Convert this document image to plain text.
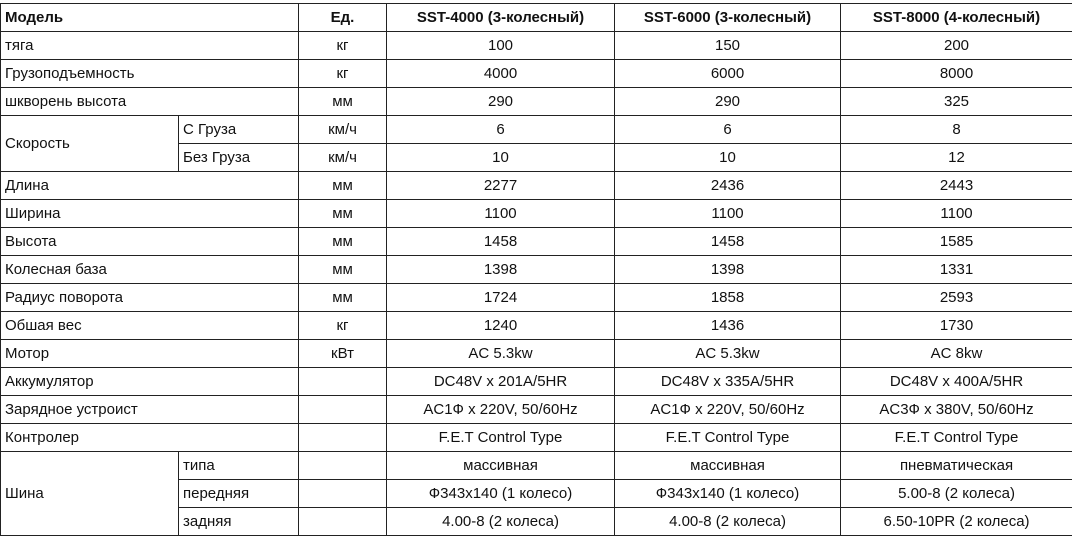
Модель		Ед.	SST-4000 (3-колесный)	SST-6000 (3-колесный)	SST-8000 (4-колесный)
тяга		кг	100	150	200
Грузоподъемность		кг	4000	6000	8000
шкворень высота		мм	290	290	325
Скорость	С Груза	км/ч	6	6	8
	Без Груза	км/ч	10	10	12
Длина		мм	2277	2436	2443
Ширина		мм	1100	1100	1100
Высота		мм	1458	1458	1585
Колесная база		мм	1398	1398	1331
Радиус поворота		мм	1724	1858	2593
Обшая вес		кг	1240	1436	1730
Мотор		кВт	AC 5.3kw	AC 5.3kw	AC 8kw
Аккумулятор			DC48V x 201A/5HR	DC48V x 335A/5HR	DC48V x 400A/5HR
Зарядное устроист			AC1Ф x 220V, 50/60Hz	AC1Ф x 220V, 50/60Hz	AC3Ф x 380V, 50/60Hz
Контролер			F.E.T Control Type	F.E.T Control Type	F.E.T Control Type
Шина	типа		массивная	массивная	пневматическая
	передняя		Ф343x140 (1 колесо)	Ф343x140 (1 колесо)	5.00-8 (2 колеса)
	задняя		4.00-8 (2 колеса)	4.00-8 (2 колеса)	6.50-10PR (2 колеса)
